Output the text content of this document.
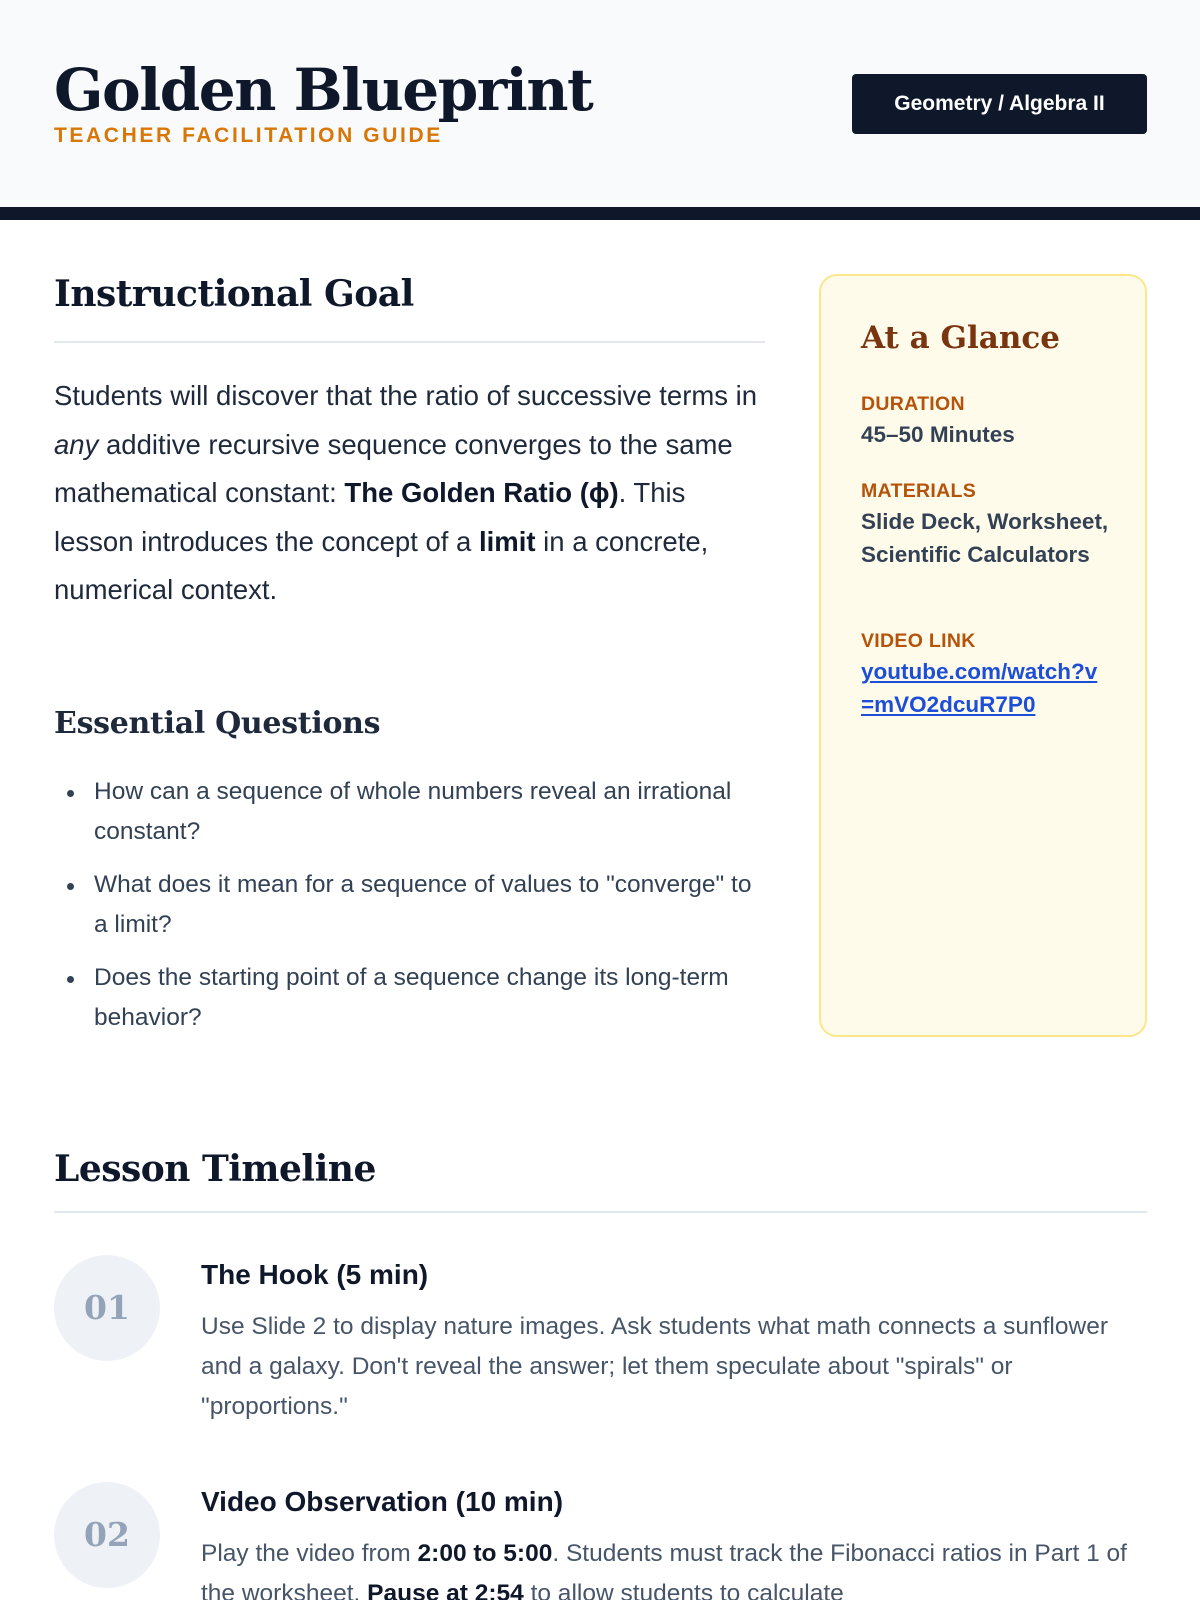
Golden Blueprint
TEACHER FACILITATION GUIDE
Geometry / Algebra II
Instructional Goal

Students will discover that the ratio of successive terms in any additive recursive sequence converges to the same mathematical constant: The Golden Ratio (ϕ). This lesson introduces the concept of a limit in a concrete, numerical context.

Essential Questions
How can a sequence of whole numbers reveal an irrational constant?
What does it mean for a sequence of values to "converge" to a limit?
Does the starting point of a sequence change its long-term behavior?
At a Glance
DURATION
45–50 Minutes
MATERIALS
Slide Deck, Worksheet, Scientific Calculators
VIDEO LINK
youtube.com/watch?v=mVO2dcuR7P0
Lesson Timeline
01
The Hook (5 min)
Use Slide 2 to display nature images. Ask students what math connects a sunflower and a galaxy. Don't reveal the answer; let them speculate about "spirals" or "proportions."
02
Video Observation (10 min)
Play the video from 2:00 to 5:00. Students must track the Fibonacci ratios in Part 1 of the worksheet. Pause at 2:54 to allow students to calculate
